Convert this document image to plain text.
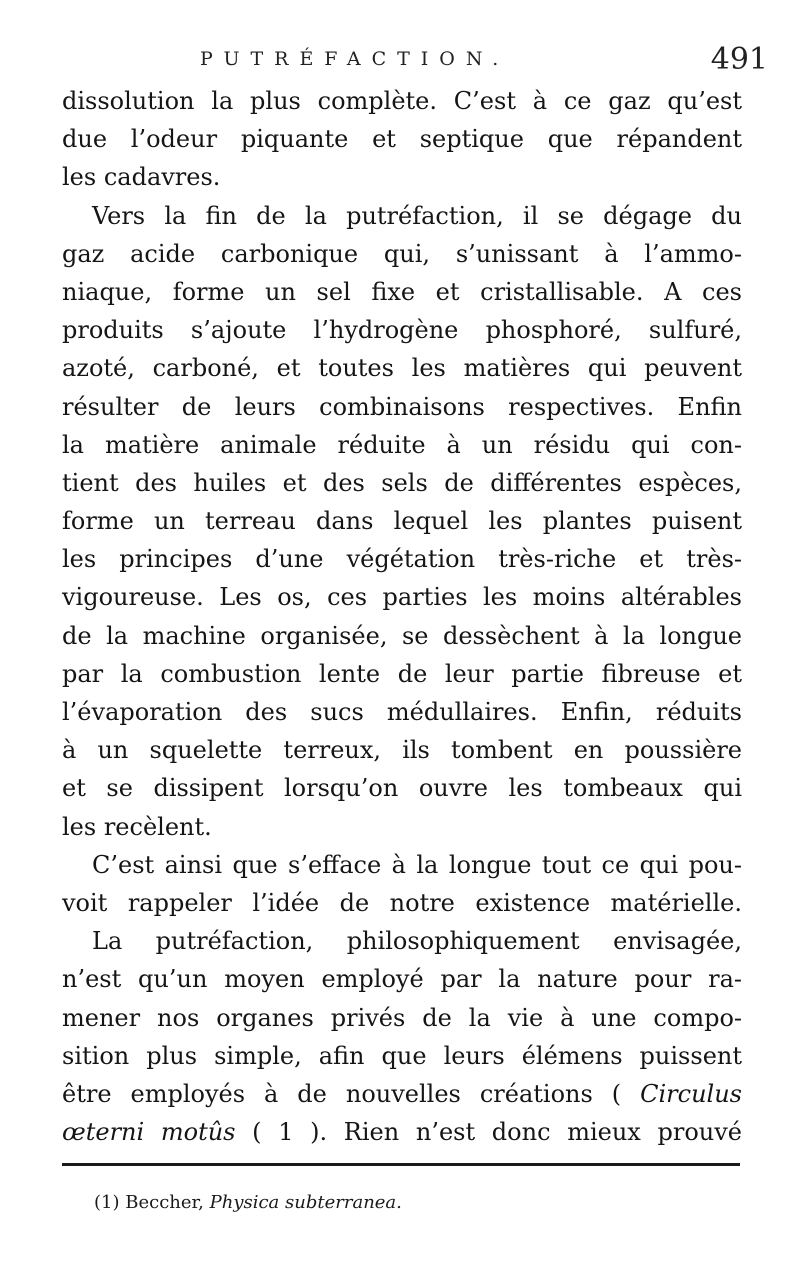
PUTRÉFACTION.	491
dissolution la plus complète. C’est à ce gaz qu’est
due l’odeur piquante et septique que répandent
les cadavres.
Vers la fin de la putréfaction, il se dégage du
gaz acide carbonique qui, s’unissant à l’ammo-
niaque, forme un sel fixe et cristallisable. A ces
produits s’ajoute l’hydrogène phosphoré, sulfuré,
azoté, carboné, et toutes les matières qui peuvent
résulter de leurs combinaisons respectives. Enfin
la matière animale réduite à un résidu qui con-
tient des huiles et des sels de différentes espèces,
forme un terreau dans lequel les plantes puisent
les principes d’une végétation très-riche et très-
vigoureuse. Les os, ces parties les moins altérables
de la machine organisée, se dessèchent à la longue
par la combustion lente de leur partie fibreuse et
l’évaporation des sucs médullaires. Enfin, réduits
à un squelette terreux, ils tombent en poussière
et se dissipent lorsqu’on ouvre les tombeaux qui
les recèlent.
C’est ainsi que s’efface à la longue tout ce qui pou-
voit rappeler l’idée de notre existence matérielle.
La putréfaction, philosophiquement envisagée,
n’est qu’un moyen employé par la nature pour ra-
mener nos organes privés de la vie à une compo-
sition plus simple, afin que leurs élémens puissent
être employés à de nouvelles créations ( Circulus
œterni motûs ( 1 ). Rien n’est donc mieux prouvé
(1) Beccher, Physica subterranea.
